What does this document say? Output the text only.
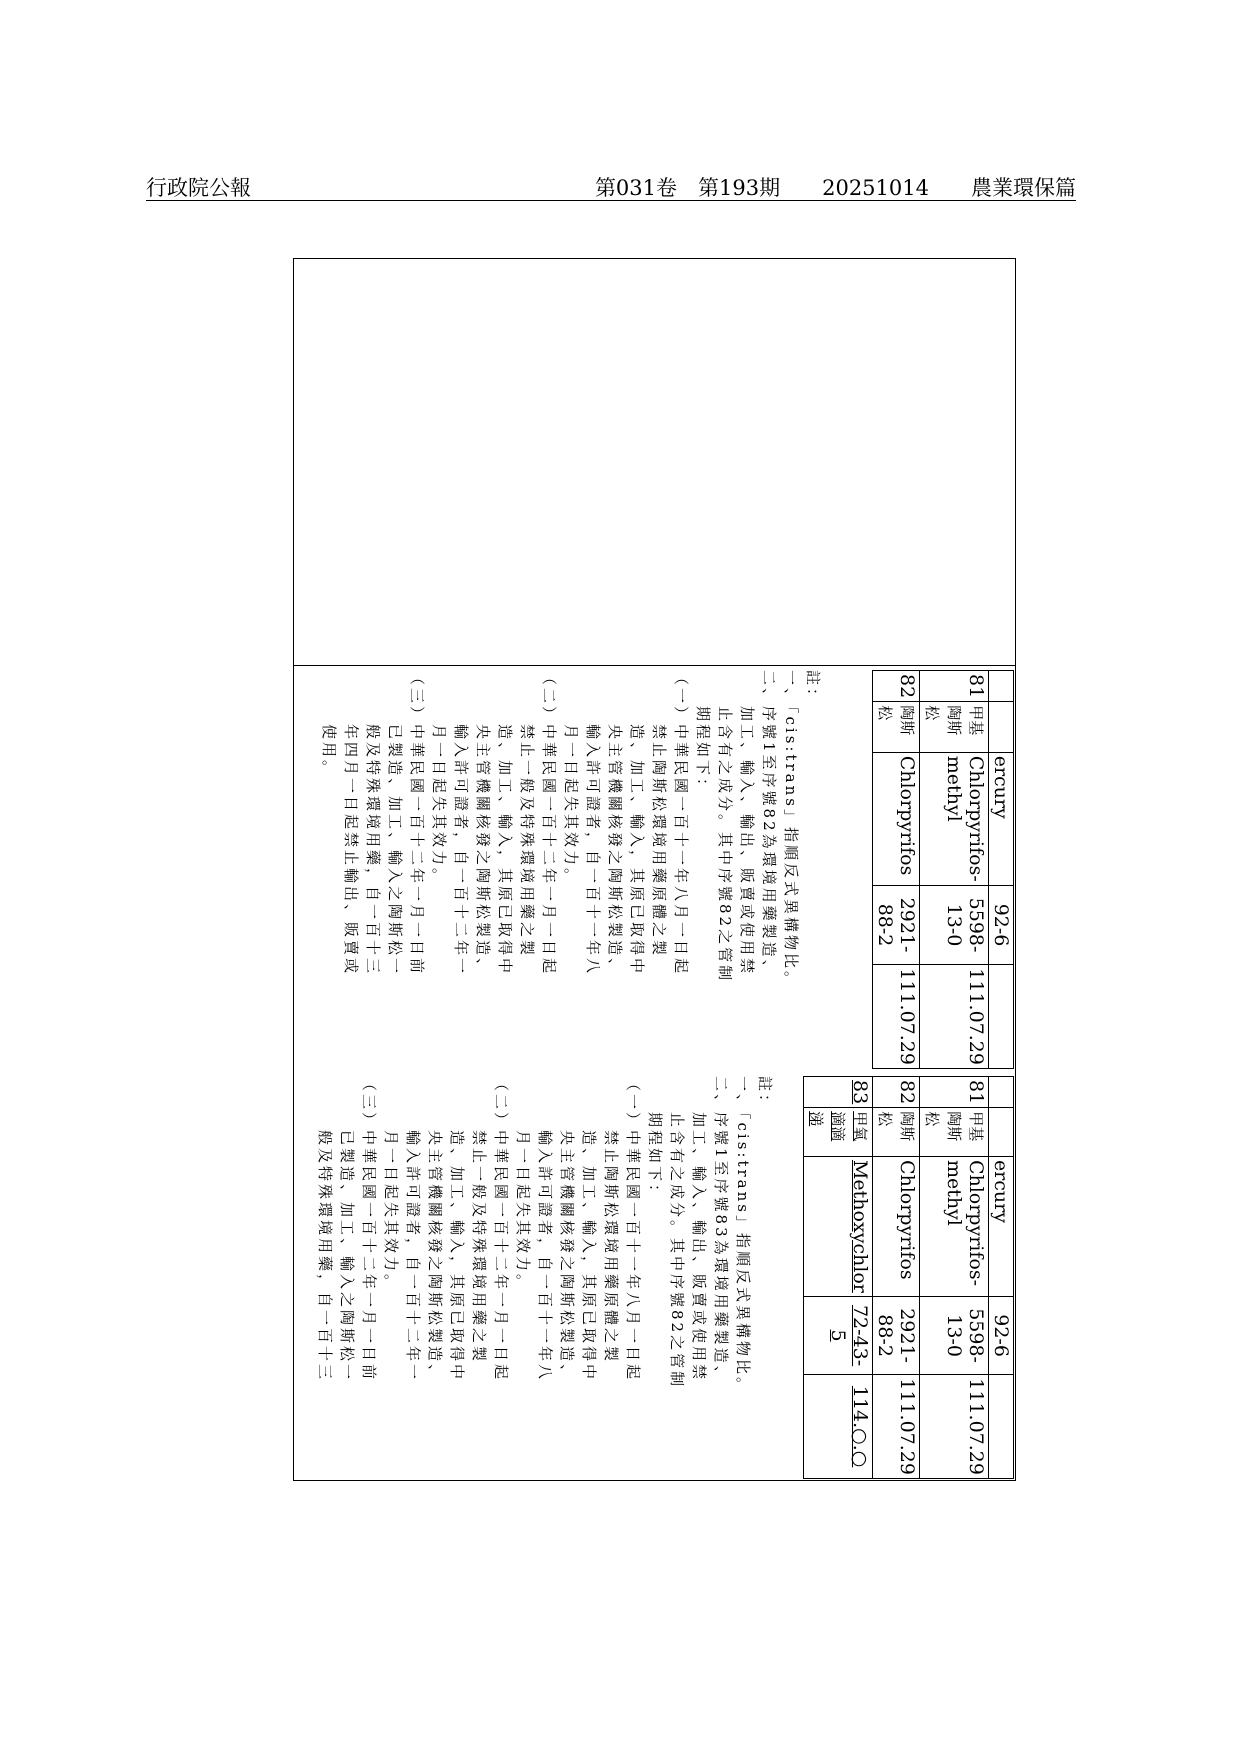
行政院公報	第031卷　第193期　　20251014　　農業環保篇
		ercury	92-6	
81	甲基陶斯松	Chlorpyrifos-methyl	5598-13-0	111.07.29
82	陶斯松	Chlorpyrifos	2921-88-2	111.07.29
註：
一、「cis:trans」指順反式異構物比。
二、序號1至序號82為環境用藥製造、
　　加工、輸入、輸出、販賣或使用禁
　　止含有之成分。其中序號82之管制
　　期程如下：
（一）中華民國一百十一年八月一日起
　　　禁止陶斯松環境用藥原體之製
　　　造、加工、輸入，其原已取得中
　　　央主管機關核發之陶斯松製造、
　　　輸入許可證者，自一百十一年八
　　　月一日起失其效力。
（二）中華民國一百十二年一月一日起
　　　禁止一般及特殊環境用藥之製
　　　造、加工、輸入，其原已取得中
　　　央主管機關核發之陶斯松製造、
　　　輸入許可證者，自一百十二年一
　　　月一日起失其效力。
（三）中華民國一百十二年一月一日前
　　　已製造、加工、輸入之陶斯松一
　　　般及特殊環境用藥，自一百十三
　　　年四月一日起禁止輸出、販賣或
　　　使用。
		ercury	92-6	
81	甲基陶斯松	Chlorpyrifos-methyl	5598-13-0	111.07.29
82	陶斯松	Chlorpyrifos	2921-88-2	111.07.29
83	甲氧滴滴涕	Methoxychlor	72-43-5	114.○.○
註：
一、「cis:trans」指順反式異構物比。
二、序號1至序號83為環境用藥製造、
　　加工、輸入、輸出、販賣或使用禁
　　止含有之成分。其中序號82之管制
　　期程如下：
（一）中華民國一百十一年八月一日起
　　　禁止陶斯松環境用藥原體之製
　　　造、加工、輸入，其原已取得中
　　　央主管機關核發之陶斯松製造、
　　　輸入許可證者，自一百十一年八
　　　月一日起失其效力。
（二）中華民國一百十二年一月一日起
　　　禁止一般及特殊環境用藥之製
　　　造、加工、輸入，其原已取得中
　　　央主管機關核發之陶斯松製造、
　　　輸入許可證者，自一百十二年一
　　　月一日起失其效力。
（三）中華民國一百十二年一月一日前
　　　已製造、加工、輸入之陶斯松一
　　　般及特殊環境用藥，自一百十三
